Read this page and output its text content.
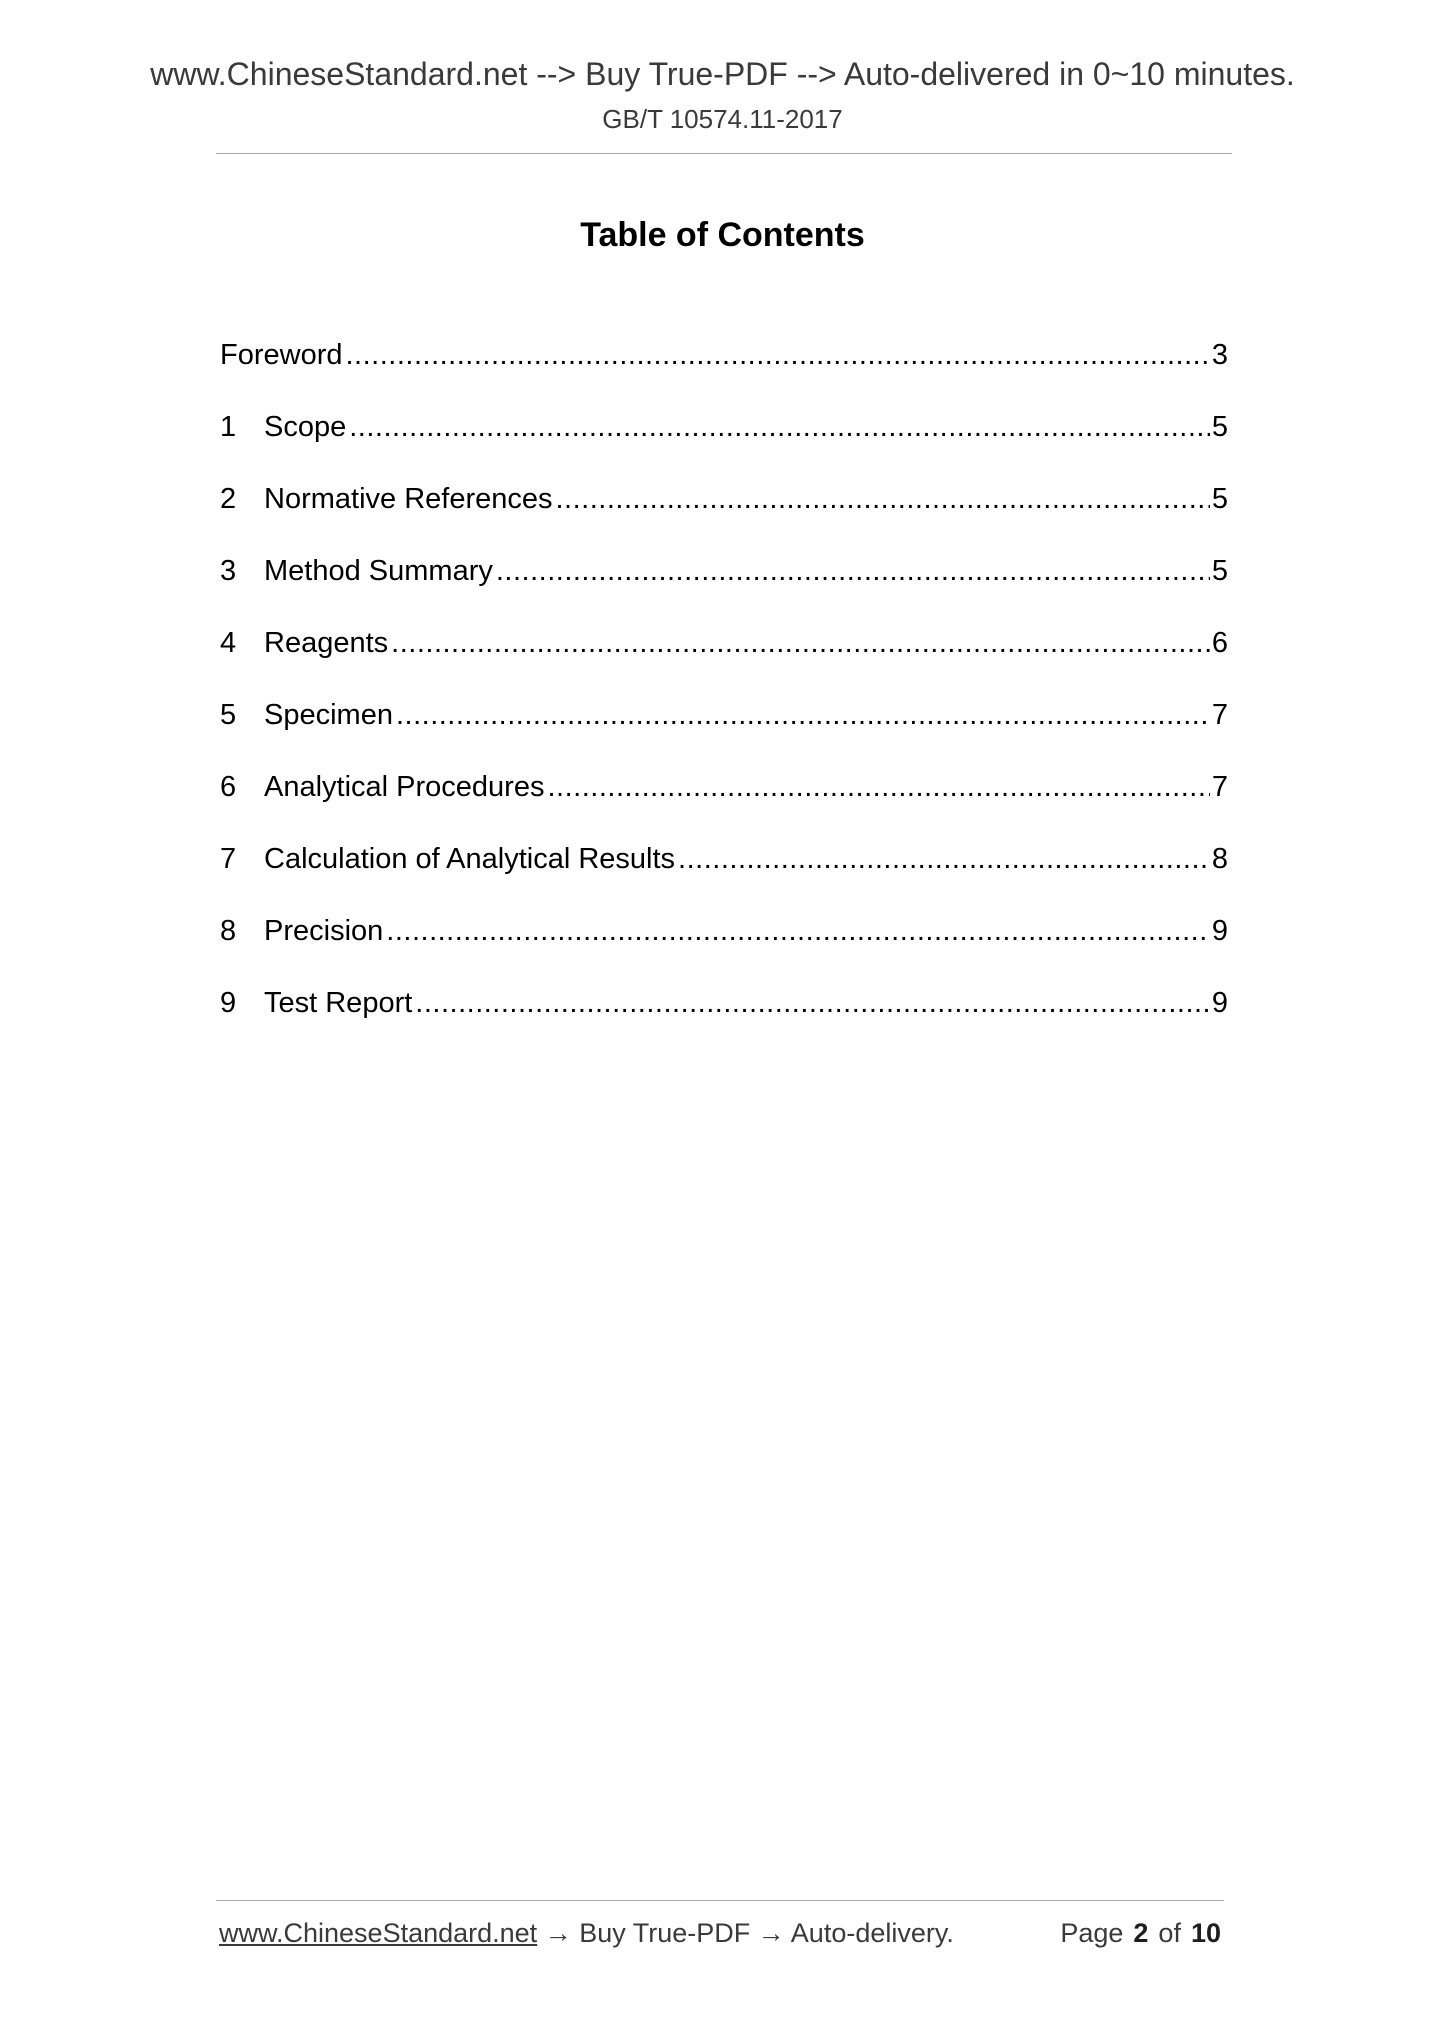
www.ChineseStandard.net --> Buy True-PDF --> Auto-delivered in 0~10 minutes.
GB/T 10574.11-2017
Table of Contents
Foreword .....	3
1 Scope .....	5
2 Normative References .....	5
3 Method Summary .....	5
4 Reagents .....	6
5 Specimen .....	7
6 Analytical Procedures .....	7
7 Calculation of Analytical Results .....	8
8 Precision .....	9
9 Test Report .....	9
www.ChineseStandard.net → Buy True-PDF → Auto-delivery.	Page 2 of 10
